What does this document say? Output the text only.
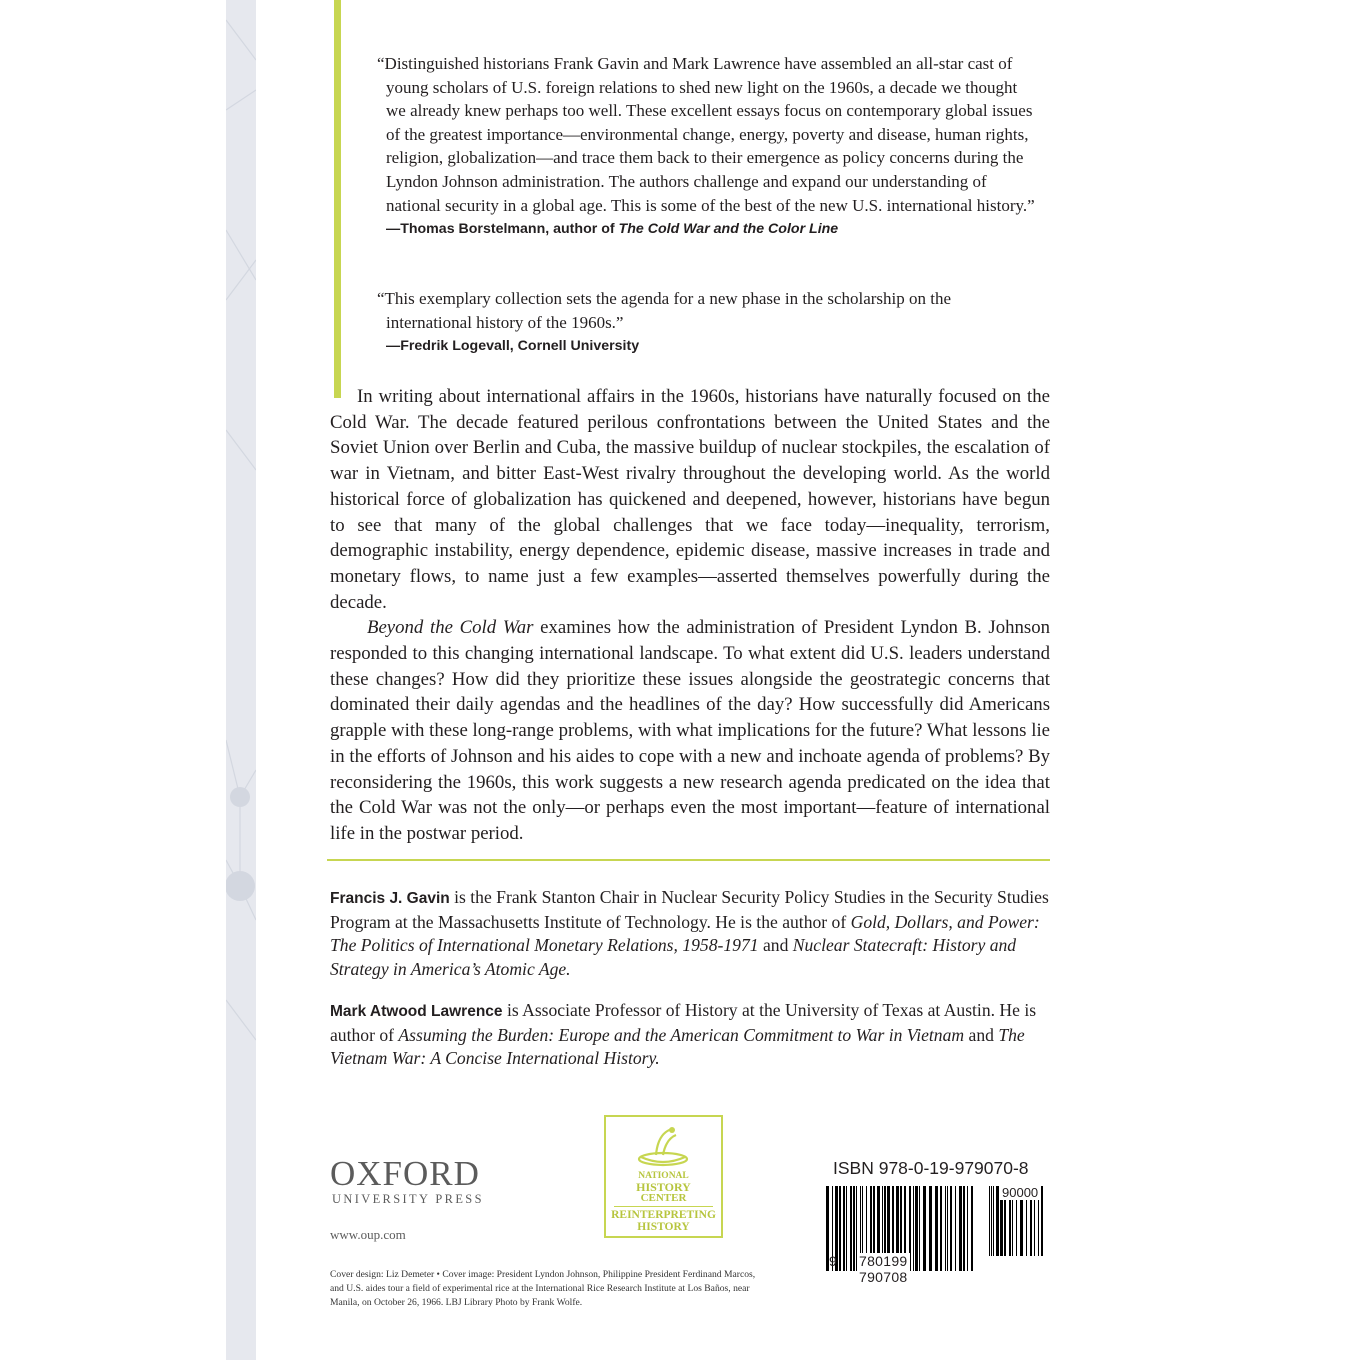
“Distinguished historians Frank Gavin and Mark Lawrence have assembled an all-star cast of young scholars of U.S. foreign relations to shed new light on the 1960s, a decade we thought we already knew perhaps too well. These excellent essays focus on contemporary global issues of the greatest importance—environmental change, energy, poverty and disease, human rights, religion, globalization—and trace them back to their emergence as policy concerns during the Lyndon Johnson administration. The authors challenge and expand our understanding of national security in a global age. This is some of the best of the new U.S. international history.”

—Thomas Borstelmann, author of The Cold War and the Color Line

“This exemplary collection sets the agenda for a new phase in the scholarship on the international history of the 1960s.”

—Fredrik Logevall, Cornell University

In writing about international affairs in the 1960s, historians have naturally focused on the Cold War. The decade featured perilous confrontations between the United States and the Soviet Union over Berlin and Cuba, the massive buildup of nuclear stockpiles, the escalation of war in Vietnam, and bitter East-West rivalry throughout the developing world. As the world historical force of globalization has quickened and deepened, however, historians have begun to see that many of the global challenges that we face today—inequality, terrorism, demographic instability, energy dependence, epidemic disease, massive increases in trade and monetary flows, to name just a few examples—asserted themselves powerfully during the decade.

Beyond the Cold War examines how the administration of President Lyndon B. Johnson responded to this changing international landscape. To what extent did U.S. leaders understand these changes? How did they prioritize these issues alongside the geostrategic concerns that dominated their daily agendas and the headlines of the day? How successfully did Americans grapple with these long-range problems, with what implications for the future? What lessons lie in the efforts of Johnson and his aides to cope with a new and inchoate agenda of problems? By reconsidering the 1960s, this work suggests a new research agenda predicated on the idea that the Cold War was not the only—or perhaps even the most important—feature of international life in the postwar period.

Francis J. Gavin is the Frank Stanton Chair in Nuclear Security Policy Studies in the Security Studies Program at the Massachusetts Institute of Technology. He is the author of Gold, Dollars, and Power: The Politics of International Monetary Relations, 1958-1971 and Nuclear Statecraft: History and Strategy in America’s Atomic Age.

Mark Atwood Lawrence is Associate Professor of History at the University of Texas at Austin. He is author of Assuming the Burden: Europe and the American Commitment to War in Vietnam and The Vietnam War: A Concise International History.

OXFORD
UNIVERSITY PRESS
www.oup.com
Cover design: Liz Demeter • Cover image: President Lyndon Johnson, Philippine President Ferdinand Marcos, and U.S. aides tour a field of experimental rice at the International Rice Research Institute at Los Baños, near Manila, on October 26, 1966. LBJ Library Photo by Frank Wolfe.
NATIONAL
HISTORY
CENTER
REINTERPRETING
HISTORY
ISBN 978-0-19-979070-8
90000
9 780199 790708
